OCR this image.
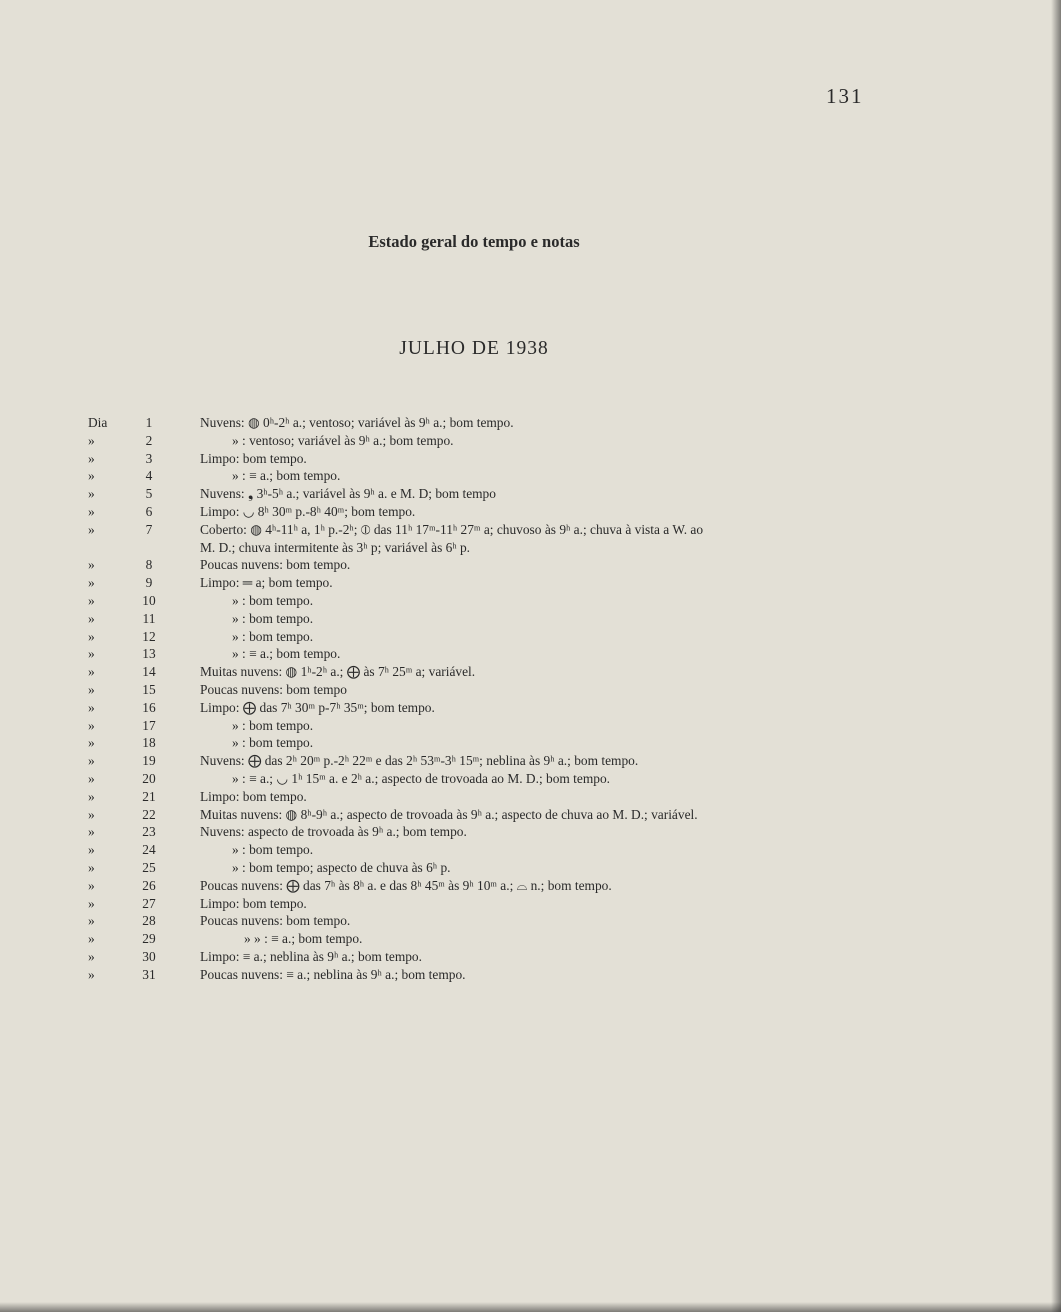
131
Estado geral do tempo e notas
JULHO DE 1938
Dia	1	Nuvens: ◍ 0ʰ-2ʰ a.; ventoso; variável às 9ʰ a.; bom tempo.
»	2	» : ventoso; variável às 9ʰ a.; bom tempo.
»	3	Limpo: bom tempo.
»	4	» : ≡ a.; bom tempo.
»	5	Nuvens: ❟ 3ʰ-5ʰ a.; variável às 9ʰ a. e M. D; bom tempo
»	6	Limpo: ◡ 8ʰ 30ᵐ p.-8ʰ 40ᵐ; bom tempo.
»	7	Coberto: ◍ 4ʰ-11ʰ a, 1ʰ p.-2ʰ; ⦶ das 11ʰ 17ᵐ-11ʰ 27ᵐ a; chuvoso às 9ʰ a.; chuva à vista a W. ao
M. D.; chuva intermitente às 3ʰ p; variável às 6ʰ p.
»	8	Poucas nuvens: bom tempo.
»	9	Limpo: ═ a; bom tempo.
»	10	» : bom tempo.
»	11	» : bom tempo.
»	12	» : bom tempo.
»	13	» : ≡ a.; bom tempo.
»	14	Muitas nuvens: ◍ 1ʰ-2ʰ a.; ⨁ às 7ʰ 25ᵐ a; variável.
»	15	Poucas nuvens: bom tempo
»	16	Limpo: ⨁ das 7ʰ 30ᵐ p-7ʰ 35ᵐ; bom tempo.
»	17	» : bom tempo.
»	18	» : bom tempo.
»	19	Nuvens: ⨁ das 2ʰ 20ᵐ p.-2ʰ 22ᵐ e das 2ʰ 53ᵐ-3ʰ 15ᵐ; neblina às 9ʰ a.; bom tempo.
»	20	» : ≡ a.; ◡ 1ʰ 15ᵐ a. e 2ʰ a.; aspecto de trovoada ao M. D.; bom tempo.
»	21	Limpo: bom tempo.
»	22	Muitas nuvens: ◍ 8ʰ-9ʰ a.; aspecto de trovoada às 9ʰ a.; aspecto de chuva ao M. D.; variável.
»	23	Nuvens: aspecto de trovoada às 9ʰ a.; bom tempo.
»	24	» : bom tempo.
»	25	» : bom tempo; aspecto de chuva às 6ʰ p.
»	26	Poucas nuvens: ⨁ das 7ʰ às 8ʰ a. e das 8ʰ 45ᵐ às 9ʰ 10ᵐ a.; ⌓ n.; bom tempo.
»	27	Limpo: bom tempo.
»	28	Poucas nuvens: bom tempo.
»	29	» » : ≡ a.; bom tempo.
»	30	Limpo: ≡ a.; neblina às 9ʰ a.; bom tempo.
»	31	Poucas nuvens: ≡ a.; neblina às 9ʰ a.; bom tempo.
